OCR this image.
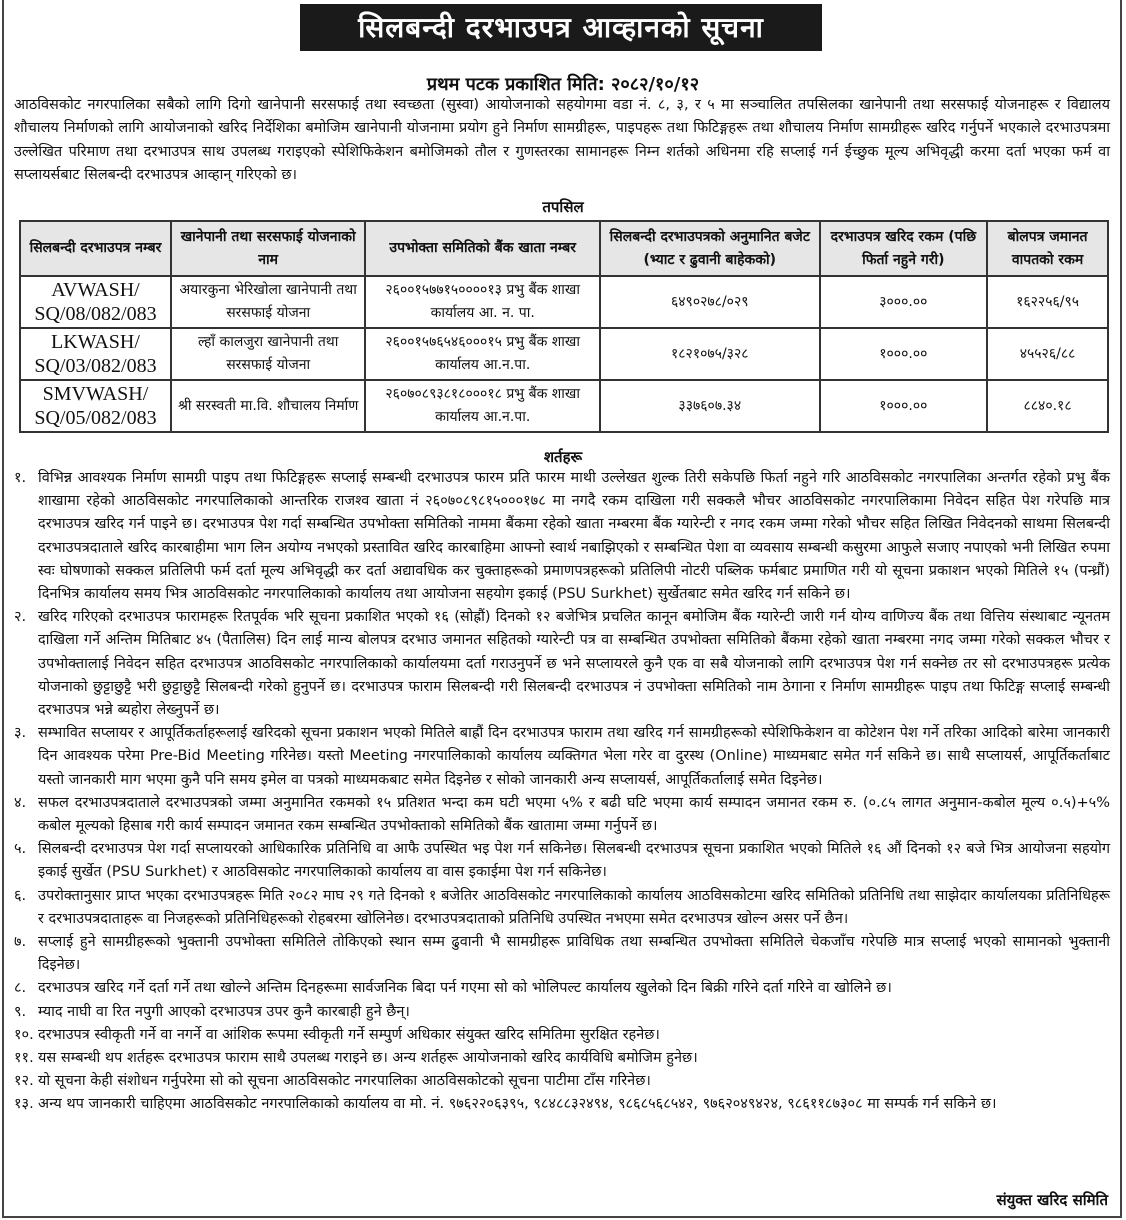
सिलबन्दी दरभाउपत्र आव्हानको सूचना
प्रथम पटक प्रकाशित मिति: २०८२/१०/१२
आठविसकोट नगरपालिका सबैको लागि दिगो खानेपानी सरसफाई तथा स्वच्छता (सुस्वा) आयोजनाको सहयोगमा वडा नं. ८, ३, र ५ मा सञ्चालित तपसिलका खानेपानी तथा सरसफाई योजनाहरू र विद्यालय शौचालय निर्माणको लागि आयोजनाको खरिद निर्देशिका बमोजिम खानेपानी योजनामा प्रयोग हुने निर्माण सामग्रीहरू, पाइपहरू तथा फिटिङ्गहरू तथा शौचालय निर्माण सामग्रीहरू खरिद गर्नुपर्ने भएकाले दरभाउपत्रमा उल्लेखित परिमाण तथा दरभाउपत्र साथ उपलब्ध गराइएको स्पेशिफिकेशन बमोजिमको तौल र गुणस्तरका सामानहरू निम्न शर्तको अधिनमा रहि सप्लाई गर्न ईच्छुक मूल्य अभिवृद्धी करमा दर्ता भएका फर्म वा सप्लायर्सबाट सिलबन्दी दरभाउपत्र आव्हान् गरिएको छ।
तपसिल
सिलबन्दी दरभाउपत्र नम्बर	खानेपानी तथा सरसफाई योजनाको नाम	उपभोक्ता समितिको बैंक खाता नम्बर	सिलबन्दी दरभाउपत्रको अनुमानित बजेट (भ्याट र ढुवानी बाहेकको)	दरभाउपत्र खरिद रकम (पछि फिर्ता नहुने गरी)	बोलपत्र जमानत वापतको रकम
AVWASH/ SQ/08/082/083	अयारकुना भेरिखोला खानेपानी तथा सरसफाई योजना	२६००१५७७१५००००१३ प्रभु बैंक शाखा कार्यालय आ. न. पा.	६४९०२७८/०२९	३०००.००	१६२२५६/९५
LKWASH/ SQ/03/082/083	ल्हाँ कालजुरा खानेपानी तथा सरसफाई योजना	२६००१५७६५४६०००१५ प्रभु बैंक शाखा कार्यालय आ.न.पा.	१८२१०७५/३२८	१०००.००	४५५२६/८८
SMVWASH/ SQ/05/082/083	श्री सरस्वती मा.वि. शौचालय निर्माण	२६०७०८९३८१८०००१८ प्रभु बैंक शाखा कार्यालय आ.न.पा.	३३७६०७.३४	१०००.००	८८४०.१८
शर्तहरू
१. विभिन्न आवश्यक निर्माण सामग्री पाइप तथा फिटिङ्गहरू सप्लाई सम्बन्धी दरभाउपत्र फारम प्रति फारम माथी उल्लेखत शुल्क तिरी सकेपछि फिर्ता नहुने गरि आठविसकोट नगरपालिका अन्तर्गत रहेको प्रभु बैंक शाखामा रहेको आठविसकोट नगरपालिकाको आन्तरिक राजश्व खाता नं २६०७०८९८१५०००१७८ मा नगदै रकम दाखिला गरी सक्कलै भौचर आठविसकोट नगरपालिकामा निवेदन सहित पेश गरेपछि मात्र दरभाउपत्र खरिद गर्न पाइने छ। दरभाउपत्र पेश गर्दा सम्बन्धित उपभोक्ता समितिको नाममा बैंकमा रहेको खाता नम्बरमा बैंक ग्यारेन्टी र नगद रकम जम्मा गरेको भौचर सहित लिखित निवेदनको साथमा सिलबन्दी दरभाउपत्रदाताले खरिद कारबाहीमा भाग लिन अयोग्य नभएको प्रस्तावित खरिद कारबाहिमा आफ्नो स्वार्थ नबाझिएको र सम्बन्धित पेशा वा व्यवसाय सम्बन्धी कसुरमा आफुले सजाए नपाएको भनी लिखित रुपमा स्वः घोषणाको सक्कल प्रतिलिपी फर्म दर्ता मूल्य अभिवृद्धी कर दर्ता अद्यावधिक कर चुक्ताहरूको प्रमाणपत्रहरूको प्रतिलिपी नोटरी पब्लिक फर्मबाट प्रमाणित गरी यो सूचना प्रकाशन भएको मितिले १५ (पन्ध्रौं) दिनभित्र कार्यालय समय भित्र आठविसकोट नगरपालिकाको कार्यालय तथा आयोजना सहयोग इकाई (PSU Surkhet) सुर्खेतबाट समेत खरिद गर्न सकिने छ।
२. खरिद गरिएको दरभाउपत्र फारामहरू रितपूर्वक भरि सूचना प्रकाशित भएको १६ (सोह्रौं) दिनको १२ बजेभित्र प्रचलित कानून बमोजिम बैंक ग्यारेन्टी जारी गर्न योग्य वाणिज्य बैंक तथा वित्तिय संस्थाबाट न्यूनतम दाखिला गर्ने अन्तिम मितिबाट ४५ (पैतालिस) दिन लाई मान्य बोलपत्र दरभाउ जमानत सहितको ग्यारेन्टी पत्र वा सम्बन्धित उपभोक्ता समितिको बैंकमा रहेको खाता नम्बरमा नगद जम्मा गरेको सक्कल भौचर र उपभोक्तालाई निवेदन सहित दरभाउपत्र आठविसकोट नगरपालिकाको कार्यालयमा दर्ता गराउनुपर्ने छ भने सप्लायरले कुनै एक वा सबै योजनाको लागि दरभाउपत्र पेश गर्न सक्नेछ तर सो दरभाउपत्रहरू प्रत्येक योजनाको छुट्टाछुट्टै भरी छुट्टाछुट्टै सिलबन्दी गरेको हुनुपर्ने छ। दरभाउपत्र फाराम सिलबन्दी गरी सिलबन्दी दरभाउपत्र नं उपभोक्ता समितिको नाम ठेगाना र निर्माण सामग्रीहरू पाइप तथा फिटिङ्ग सप्लाई सम्बन्धी दरभाउपत्र भन्ने ब्यहोरा लेख्नुपर्ने छ।
३. सम्भावित सप्लायर र आपूर्तिकर्ताहरूलाई खरिदको सूचना प्रकाशन भएको मितिले बाह्रौं दिन दरभाउपत्र फाराम तथा खरिद गर्न सामग्रीहरूको स्पेशिफिकेशन वा कोटेशन पेश गर्ने तरिका आदिको बारेमा जानकारी दिन आवश्यक परेमा Pre-Bid Meeting गरिनेछ। यस्तो Meeting नगरपालिकाको कार्यालय व्यक्तिगत भेला गरेर वा दुरस्थ (Online) माध्यमबाट समेत गर्न सकिने छ। साथै सप्लायर्स, आपूर्तिकर्ताबाट यस्तो जानकारी माग भएमा कुनै पनि समय इमेल वा पत्रको माध्यमकबाट समेत दिइनेछ र सोको जानकारी अन्य सप्लायर्स, आपूर्तिकर्तालाई समेत दिइनेछ।
४. सफल दरभाउपत्रदाताले दरभाउपत्रको जम्मा अनुमानित रकमको १५ प्रतिशत भन्दा कम घटी भएमा ५% र बढी घटि भएमा कार्य सम्पादन जमानत रकम रु. (०.८५ लागत अनुमान-कबोल मूल्य ०.५)+५% कबोल मूल्यको हिसाब गरी कार्य सम्पादन जमानत रकम सम्बन्धित उपभोक्ताको समितिको बैंक खातामा जम्मा गर्नुपर्ने छ।
५. सिलबन्दी दरभाउपत्र पेश गर्दा सप्लायरको आधिकारिक प्रतिनिधि वा आफै उपस्थित भइ पेश गर्न सकिनेछ। सिलबन्धी दरभाउपत्र सूचना प्रकाशित भएको मितिले १६ औं दिनको १२ बजे भित्र आयोजना सहयोग इकाई सुर्खेत (PSU Surkhet) र आठविसकोट नगरपालिकाको कार्यालय वा वास इकाईमा पेश गर्न सकिनेछ।
६. उपरोक्तानुसार प्राप्त भएका दरभाउपत्रहरू मिति २०८२ माघ २९ गते दिनको १ बजेतिर आठविसकोट नगरपालिकाको कार्यालय आठविसकोटमा खरिद समितिको प्रतिनिधि तथा साझेदार कार्यालयका प्रतिनिधिहरू र दरभाउपत्रदाताहरू वा निजहरूको प्रतिनिधिहरूको रोहबरमा खोलिनेछ। दरभाउपत्रदाताको प्रतिनिधि उपस्थित नभएमा समेत दरभाउपत्र खोल्न असर पर्ने छैन।
७. सप्लाई हुने सामग्रीहरूको भुक्तानी उपभोक्ता समितिले तोकिएको स्थान सम्म ढुवानी भै सामग्रीहरू प्राविधिक तथा सम्बन्धित उपभोक्ता समितिले चेकजाँच गरेपछि मात्र सप्लाई भएको सामानको भुक्तानी दिइनेछ।
८. दरभाउपत्र खरिद गर्ने दर्ता गर्ने तथा खोल्ने अन्तिम दिनहरूमा सार्वजनिक बिदा पर्न गएमा सो को भोलिपल्ट कार्यालय खुलेको दिन बिक्री गरिने दर्ता गरिने वा खोलिने छ।
९. म्याद नाघी वा रित नपुगी आएको दरभाउपत्र उपर कुनै कारबाही हुने छैन्।
१०. दरभाउपत्र स्वीकृती गर्ने वा नगर्ने वा आंशिक रूपमा स्वीकृती गर्ने सम्पुर्ण अधिकार संयुक्त खरिद समितिमा सुरक्षित रहनेछ।
११. यस सम्बन्धी थप शर्तहरू दरभाउपत्र फाराम साथै उपलब्ध गराइने छ। अन्य शर्तहरू आयोजनाको खरिद कार्यविधि बमोजिम हुनेछ।
१२. यो सूचना केही संशोधन गर्नुपरेमा सो को सूचना आठविसकोट नगरपालिका आठविसकोटको सूचना पाटीमा टाँस गरिनेछ।
१३. अन्य थप जानकारी चाहिएमा आठविसकोट नगरपालिकाको कार्यालय वा मो. नं. ९७६२२०६३९५, ९८४८८३२४९४, ९८६८५६८५४२, ९७६२०४९४२४, ९८६११८७३०८ मा सम्पर्क गर्न सकिने छ।
संयुक्त खरिद समिति
